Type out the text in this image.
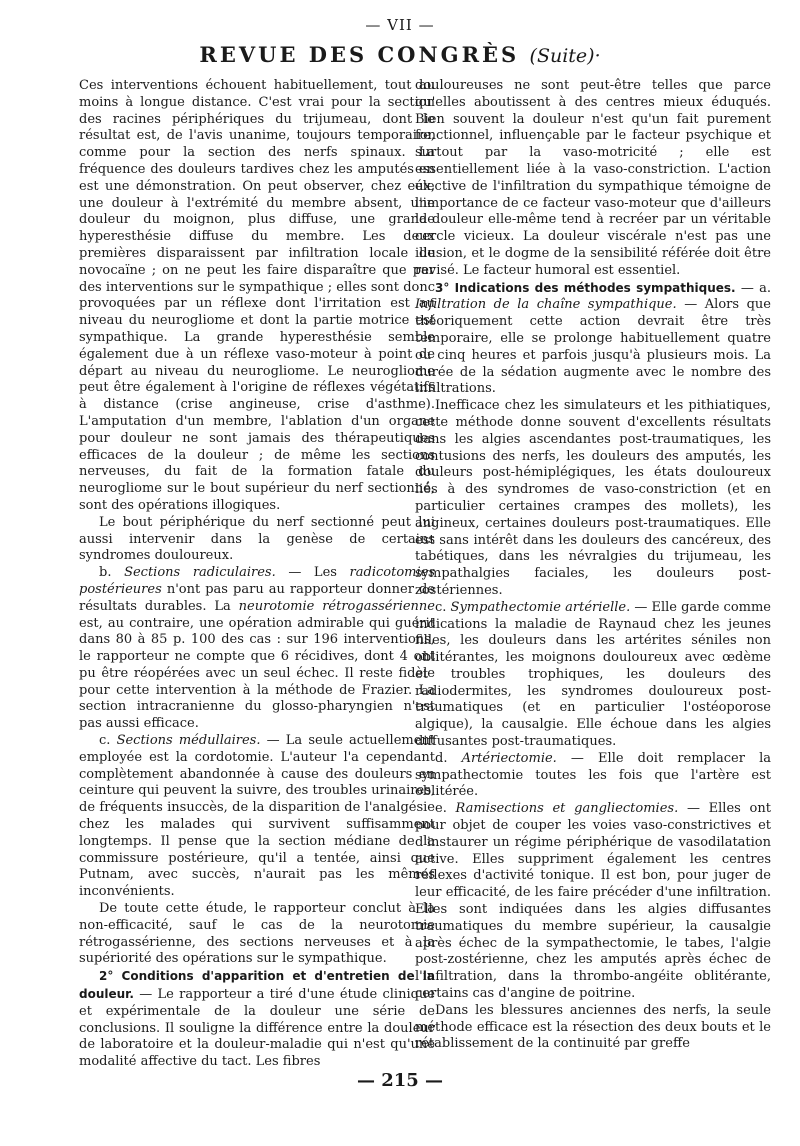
— VII —
REVUE DES CONGRÈS (Suite)·

Ces interventions échouent habituellement, tout au moins à longue distance. C'est vrai pour la section des racines périphériques du trijumeau, dont le résultat est, de l'avis unanime, toujours temporaire, comme pour la section des nerfs spinaux. La fréquence des douleurs tardives chez les amputés en est une démonstration. On peut observer, chez eux, une douleur à l'extrémité du membre absent, une douleur du moignon, plus diffuse, une grande hyperesthésie diffuse du membre. Les deux premières disparaissent par infiltration locale de novocaïne ; on ne peut les faire disparaître que par des interventions sur le sympathique ; elles sont donc provoquées par un réflexe dont l'irritation est au niveau du neurogliome et dont la partie motrice est sympathique. La grande hyperesthésie semble également due à un réflexe vaso-moteur à point de départ au niveau du neurogliome. Le neurogliome peut être également à l'origine de réflexes végétatifs à distance (crise angineuse, crise d'asthme). L'amputation d'un membre, l'ablation d'un organe pour douleur ne sont jamais des thérapeutiques efficaces de la douleur ; de même les sections nerveuses, du fait de la formation fatale du neurogliome sur le bout supérieur du nerf sectionné, sont des opérations illogiques.

Le bout périphérique du nerf sectionné peut lui aussi intervenir dans la genèse de certains syndromes douloureux.

b. Sections radiculaires. — Les radicotomies postérieures n'ont pas paru au rapporteur donner de résultats durables. La neurotomie rétrogassérienne est, au contraire, une opération admirable qui guérit dans 80 à 85 p. 100 des cas : sur 196 interventions, le rapporteur ne compte que 6 récidives, dont 4 ont pu être réopérées avec un seul échec. Il reste fidèle pour cette intervention à la méthode de Frazier. La section intracranienne du glosso-pharyngien n'est pas aussi efficace.

c. Sections médullaires. — La seule actuellement employée est la cordotomie. L'auteur l'a cependant complètement abandonnée à cause des douleurs en ceinture qui peuvent la suivre, des troubles urinaires, de fréquents insuccès, de la disparition de l'analgésie chez les malades qui survivent suffisamment longtemps. Il pense que la section médiane de la commissure postérieure, qu'il a tentée, ainsi que Putnam, avec succès, n'aurait pas les mêmes inconvénients.

De toute cette étude, le rapporteur conclut à la non-efficacité, sauf le cas de la neurotomie rétrogassérienne, des sections nerveuses et à la supériorité des opérations sur le sympathique.

2° Conditions d'apparition et d'entretien de la douleur. — Le rapporteur a tiré d'une étude clinique et expérimentale de la douleur une série de conclusions. Il souligne la différence entre la douleur de laboratoire et la douleur-maladie qui n'est qu'une modalité affective du tact. Les fibres

douloureuses ne sont peut-être telles que parce qu'elles aboutissent à des centres mieux éduqués. Bien souvent la douleur n'est qu'un fait purement fonctionnel, influençable par le facteur psychique et surtout par la vaso-motricité ; elle est essentiellement liée à la vaso-constriction. L'action élective de l'infiltration du sympathique témoigne de l'importance de ce facteur vaso-moteur que d'ailleurs la douleur elle-même tend à recréer par un véritable cercle vicieux. La douleur viscérale n'est pas une illusion, et le dogme de la sensibilité référée doit être revisé. Le facteur humoral est essentiel.

3° Indications des méthodes sympathiques. — a. Infiltration de la chaîne sympathique. — Alors que théoriquement cette action devrait être très temporaire, elle se prolonge habituellement quatre ou cinq heures et parfois jusqu'à plusieurs mois. La durée de la sédation augmente avec le nombre des infiltrations.

Inefficace chez les simulateurs et les pithiatiques, cette méthode donne souvent d'excellents résultats dans les algies ascendantes post-traumatiques, les contusions des nerfs, les douleurs des amputés, les douleurs post-hémiplégiques, les états douloureux liés à des syndromes de vaso-constriction (et en particulier certaines crampes des mollets), les angineux, certaines douleurs post-traumatiques. Elle est sans intérêt dans les douleurs des cancéreux, des tabétiques, dans les névralgies du trijumeau, les sympathalgies faciales, les douleurs post-zostériennes.

c. Sympathectomie artérielle. — Elle garde comme indications la maladie de Raynaud chez les jeunes filles, les douleurs dans les artérites séniles non oblitérantes, les moignons douloureux avec œdème et troubles trophiques, les douleurs des radiodermites, les syndromes douloureux post-traumatiques (et en particulier l'ostéoporose algique), la causalgie. Elle échoue dans les algies diffusantes post-traumatiques.

d. Artériectomie. — Elle doit remplacer la sympathectomie toutes les fois que l'artère est oblitérée.

e. Ramisections et gangliectomies. — Elles ont pour objet de couper les voies vaso-constrictives et d'instaurer un régime périphérique de vasodilatation active. Elles suppriment également les centres réflexes d'activité tonique. Il est bon, pour juger de leur efficacité, de les faire précéder d'une infiltration. Elles sont indiquées dans les algies diffusantes traumatiques du membre supérieur, la causalgie après échec de la sympathectomie, le tabes, l'algie post-zostérienne, chez les amputés après échec de l'infiltration, dans la thrombo-angéite oblitérante, certains cas d'angine de poitrine.

Dans les blessures anciennes des nerfs, la seule méthode efficace est la résection des deux bouts et le rétablissement de la continuité par greffe

— 215 —
